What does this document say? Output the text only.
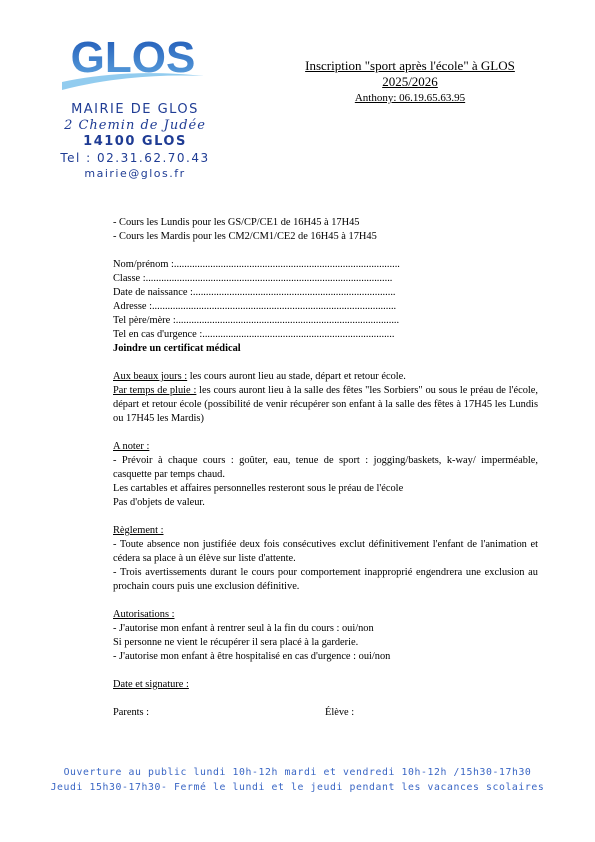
GLOS
MAIRIE DE GLOS
2 Chemin de Judée
14100 GLOS
Tel : 02.31.62.70.43
mairie@glos.fr
Inscription "sport après l'école" à GLOS
2025/2026
Anthony: 06.19.65.63.95

- Cours les Lundis pour les GS/CP/CE1 de 16H45 à 17H45

- Cours les Mardis pour les CM2/CM1/CE2 de 16H45 à 17H45

Nom/prénom :.......................................................................................

Classe :...............................................................................................

Date de naissance :..............................................................................

Adresse :..............................................................................................

Tel père/mère :......................................................................................

Tel en cas d'urgence :..........................................................................

Joindre un certificat médical

Aux beaux jours : les cours auront lieu au stade, départ et retour école.

Par temps de pluie : les cours auront lieu à la salle des fêtes "les Sorbiers" ou sous le préau de l'école, départ et retour école (possibilité de venir récupérer son enfant à la salle des fêtes à 17H45 les Lundis ou 17H45 les Mardis)

A noter :

- Prévoir à chaque cours : goûter, eau, tenue de sport : jogging/baskets, k-way/ imperméable, casquette par temps chaud.

Les cartables et affaires personnelles resteront sous le préau de l'école

Pas d'objets de valeur.

Règlement :

- Toute absence non justifiée deux fois consécutives exclut définitivement l'enfant de l'animation et cédera sa place à un élève sur liste d'attente.

- Trois avertissements durant le cours pour comportement inapproprié engendrera une exclusion au prochain cours puis une exclusion définitive.

Autorisations :

- J'autorise mon enfant à rentrer seul à la fin du cours : oui/non

Si personne ne vient le récupérer il sera placé à la garderie.

- J'autorise mon enfant à être hospitalisé en cas d'urgence : oui/non

Date et signature :

Parents :	Élève :
Ouverture au public lundi 10h-12h mardi et vendredi 10h-12h /15h30-17h30
Jeudi 15h30-17h30- Fermé le lundi et le jeudi pendant les vacances scolaires
